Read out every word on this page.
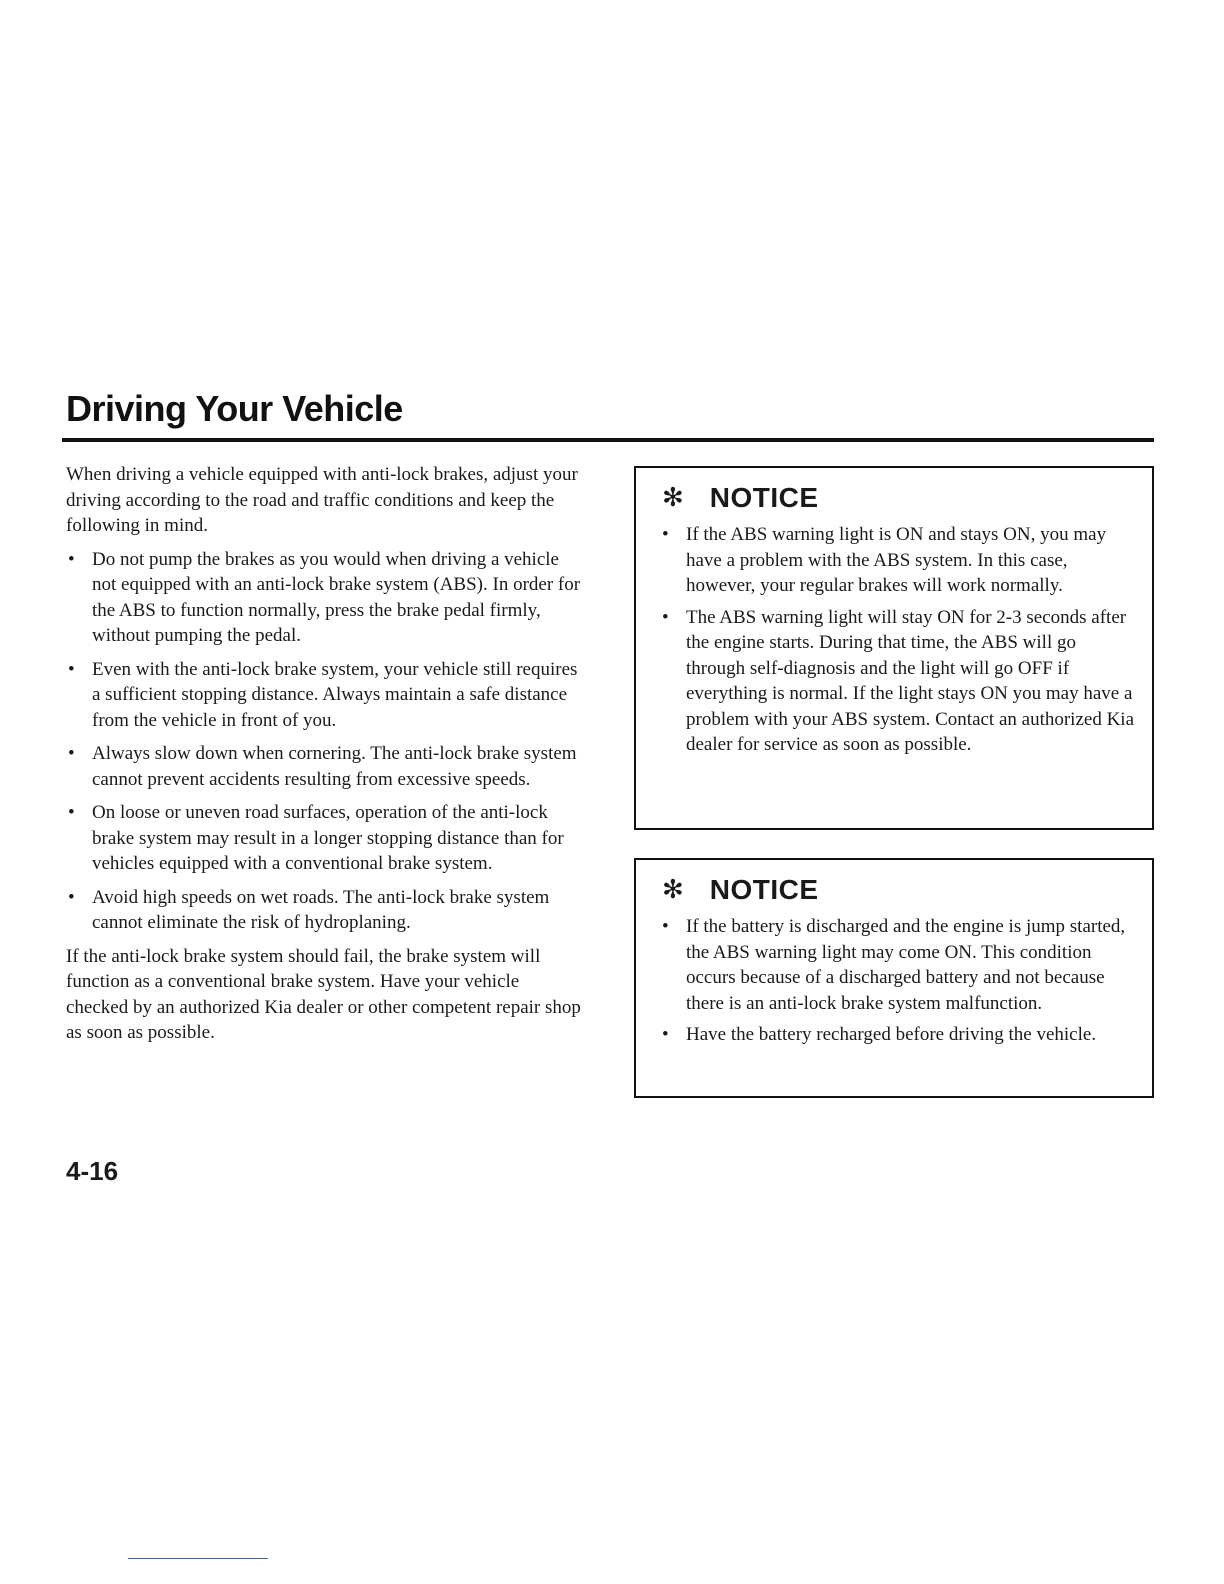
Driving Your Vehicle

When driving a vehicle equipped with anti-lock brakes, adjust your driving according to the road and traffic conditions and keep the following in mind.

• Do not pump the brakes as you would when driving a vehicle not equipped with an anti-lock brake system (ABS). In order for the ABS to function normally, press the brake pedal firmly, without pumping the pedal.
• Even with the anti-lock brake system, your vehicle still requires a sufficient stopping distance. Always maintain a safe distance from the vehicle in front of you.
• Always slow down when cornering. The anti-lock brake system cannot prevent accidents resulting from excessive speeds.
• On loose or uneven road surfaces, operation of the anti-lock brake system may result in a longer stopping distance than for vehicles equipped with a conventional brake system.
• Avoid high speeds on wet roads. The anti-lock brake system cannot eliminate the risk of hydroplaning.

If the anti-lock brake system should fail, the brake system will function as a conventional brake system. Have your vehicle checked by an authorized Kia dealer or other competent repair shop as soon as possible.

✻ NOTICE
• If the ABS warning light is ON and stays ON, you may have a problem with the ABS system. In this case, however, your regular brakes will work normally.
• The ABS warning light will stay ON for 2-3 seconds after the engine starts. During that time, the ABS will go through self-diagnosis and the light will go OFF if everything is normal. If the light stays ON you may have a problem with your ABS system. Contact an authorized Kia dealer for service as soon as possible.
✻ NOTICE
• If the battery is discharged and the engine is jump started, the ABS warning light may come ON. This condition occurs because of a discharged battery and not because there is an anti-lock brake system malfunction.
• Have the battery recharged before driving the vehicle.
4-16
